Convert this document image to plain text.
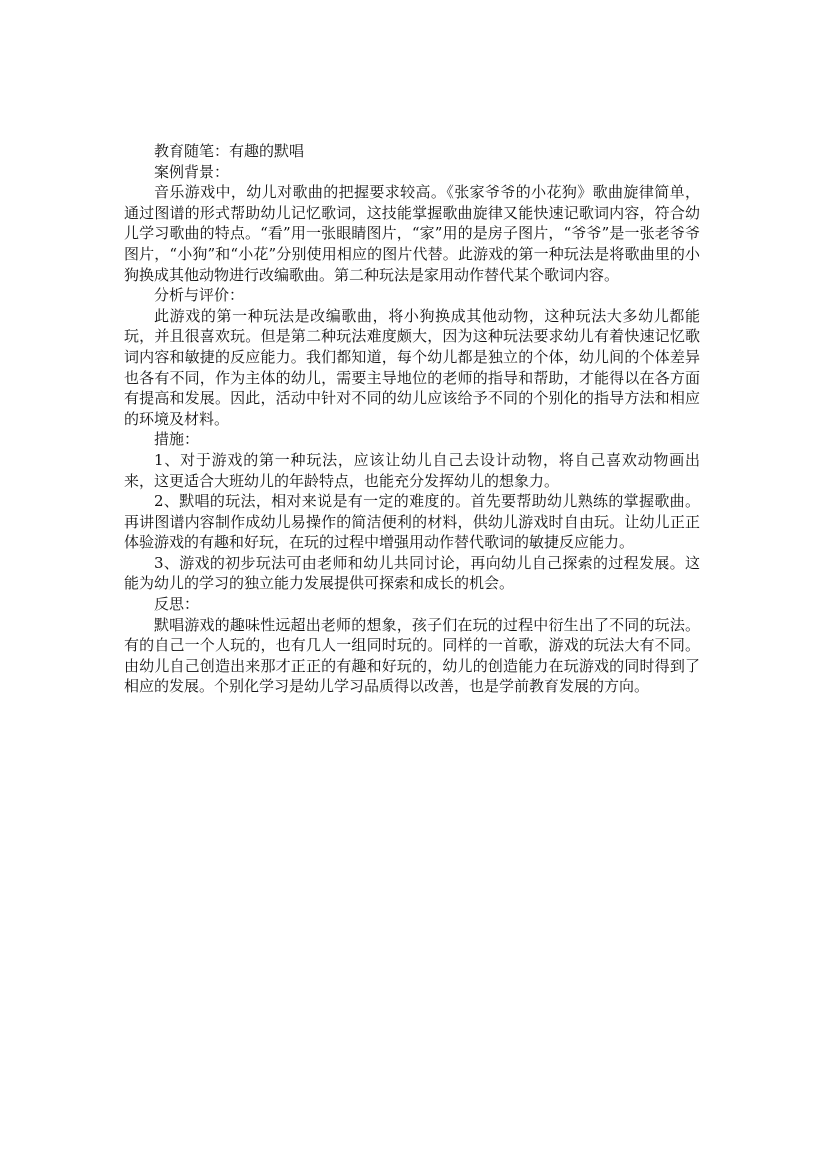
教育随笔：有趣的默唱

案例背景：

音乐游戏中，幼儿对歌曲的把握要求较高。《张家爷爷的小花狗》歌曲旋律简单，通过图谱的形式帮助幼儿记忆歌词，这技能掌握歌曲旋律又能快速记歌词内容，符合幼儿学习歌曲的特点。“看”用一张眼睛图片，“家”用的是房子图片，“爷爷”是一张老爷爷图片，“小狗”和“小花”分别使用相应的图片代替。此游戏的第一种玩法是将歌曲里的小狗换成其他动物进行改编歌曲。第二种玩法是家用动作替代某个歌词内容。

分析与评价：

此游戏的第一种玩法是改编歌曲，将小狗换成其他动物，这种玩法大多幼儿都能玩，并且很喜欢玩。但是第二种玩法难度颇大，因为这种玩法要求幼儿有着快速记忆歌词内容和敏捷的反应能力。我们都知道，每个幼儿都是独立的个体，幼儿间的个体差异也各有不同，作为主体的幼儿，需要主导地位的老师的指导和帮助，才能得以在各方面有提高和发展。因此，活动中针对不同的幼儿应该给予不同的个别化的指导方法和相应的环境及材料。

措施：

1、对于游戏的第一种玩法，应该让幼儿自己去设计动物，将自己喜欢动物画出来，这更适合大班幼儿的年龄特点，也能充分发挥幼儿的想象力。

2、默唱的玩法，相对来说是有一定的难度的。首先要帮助幼儿熟练的掌握歌曲。再讲图谱内容制作成幼儿易操作的简洁便利的材料，供幼儿游戏时自由玩。让幼儿正正体验游戏的有趣和好玩，在玩的过程中增强用动作替代歌词的敏捷反应能力。

3、游戏的初步玩法可由老师和幼儿共同讨论，再向幼儿自己探索的过程发展。这能为幼儿的学习的独立能力发展提供可探索和成长的机会。

反思：

默唱游戏的趣味性远超出老师的想象，孩子们在玩的过程中衍生出了不同的玩法。有的自己一个人玩的，也有几人一组同时玩的。同样的一首歌，游戏的玩法大有不同。由幼儿自己创造出来那才正正的有趣和好玩的，幼儿的创造能力在玩游戏的同时得到了相应的发展。个别化学习是幼儿学习品质得以改善，也是学前教育发展的方向。
